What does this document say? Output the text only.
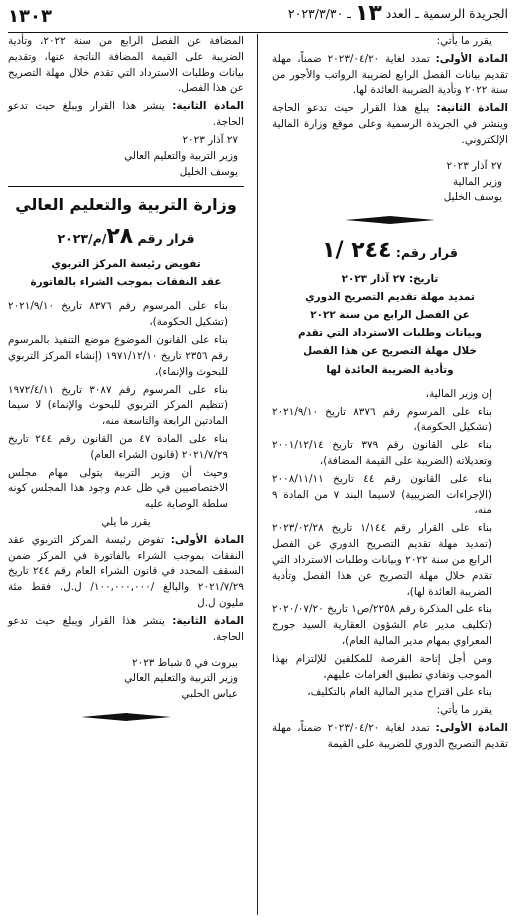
الجريدة الرسمية ـ العدد ١٣ ـ ٢٠٢٣/٣/٣٠
١٣٠٣

يقرر ما يأتي:

المادة الأولى: تمدد لغاية ٢٠٢٣/٠٤/٢٠ ضمناً، مهلة تقديم بيانات الفصل الرابع لضريبة الرواتب والأجور من سنة ٢٠٢٢ وتأدية الضريبة العائدة لها.

المادة الثانية: يبلغ هذا القرار حيث تدعو الحاجة وينشر في الجريدة الرسمية وعلى موقع وزارة المالية الإلكتروني.

٢٧ آذار ٢٠٢٣

وزير المالية

يوسف الخليل

قرار رقم: ٢٤٤ /١

تاريخ: ٢٧ آذار ٢٠٢٣

تمديد مهلة تقديم التصريح الدوري

عن الفصل الرابع من سنة ٢٠٢٢

وبيانات وطلبات الاسترداد التي تقدم

خلال مهلة التصريح عن هذا الفصل

وتأدية الضريبة العائدة لها

إن وزير المالية،

بناء على المرسوم رقم ٨٣٧٦ تاريخ ٢٠٢١/٩/١٠ (تشكيل الحكومة)،

بناء على القانون رقم ٣٧٩ تاريخ ٢٠٠١/١٢/١٤ وتعديلاته (الضريبة على القيمة المضافة)،

بناء على القانون رقم ٤٤ تاريخ ٢٠٠٨/١١/١١ (الإجراءات الضريبية) لاسيما البند ٧ من المادة ٩ منه،

بناء على القرار رقم ١/١٤٤ تاريخ ٢٠٢٣/٠٢/٢٨ (تمديد مهلة تقديم التصريح الدوري عن الفصل الرابع من سنة ٢٠٢٢ وبيانات وطلبات الاسترداد التي تقدم خلال مهلة التصريح عن هذا الفصل وتأدية الضريبة العائدة لها)،

بناء على المذكرة رقم ٢٢٥٨/ص١ تاريخ ٢٠٢٠/٠٧/٢٠ (تكليف مدير عام الشؤون العقارية السيد جورج المعراوي بمهام مدير المالية العام)،

ومن أجل إتاحة الفرصة للمكلفين للإلتزام بهذا الموجب وتفادي تطبيق الغرامات عليهم،

بناء على اقتراح مدير المالية العام بالتكليف،

يقرر ما يأتي:

المادة الأولى: تمدد لغاية ٢٠٢٣/٠٤/٢٠ ضمناً، مهلة تقديم التصريح الدوري للضريبة على القيمة

المضافة عن الفصل الرابع من سنة ٢٠٢٢، وتأدية الضريبة على القيمة المضافة الناتجة عنها، وتقديم بيانات وطلبات الاسترداد التي تقدم خلال مهلة التصريح عن هذا الفصل.

المادة الثانية: ينشر هذا القرار ويبلغ حيث تدعو الحاجة.

٢٧ آذار ٢٠٢٣

وزير التربية والتعليم العالي

يوسف الخليل

وزارة التربية والتعليم العالي

قرار رقم ٢٨/م/٢٠٢٣

تفويض رئيسة المركز التربوي

عقد النفقات بموجب الشراء بالفاتورة

بناء على المرسوم رقم ٨٣٧٦ تاريخ ٢٠٢١/٩/١٠ (تشكيل الحكومة)،

بناء على القانون الموضوع موضع التنفيذ بالمرسوم رقم ٢٣٥٦ تاريخ ١٩٧١/١٢/١٠ (إنشاء المركز التربوي للبحوث والإنماء)،

بناء على المرسوم رقم ٣٠٨٧ تاريخ ١٩٧٢/٤/١١ (تنظيم المركز التربوي للبحوث والإنماء) لا سيما المادتين الرابعة والتاسعة منه،

بناء على المادة ٤٧ من القانون رقم ٢٤٤ تاريخ ٢٠٢١/٧/٢٩ (قانون الشراء العام)

وحيث أن وزير التربية يتولى مهام مجلس الاختصاصيين في ظل عدم وجود هذا المجلس كونه سلطة الوصاية عليه

يقرر ما يلي

المادة الأولى: تفوض رئيسة المركز التربوي عقد النفقات بموجب الشراء بالفاتورة في المركز ضمن السقف المحدد في قانون الشراء العام رقم ٢٤٤ تاريخ ٢٠٢١/٧/٢٩ والبالغ /١٠٠,٠٠٠,٠٠٠/ ل.ل. فقط مئة مليون ل.ل

المادة الثانية: ينشر هذا القرار ويبلغ حيث تدعو الحاجة.

بيروت في ٥ شباط ٢٠٢٣

وزير التربية والتعليم العالي

عباس الحلبي
